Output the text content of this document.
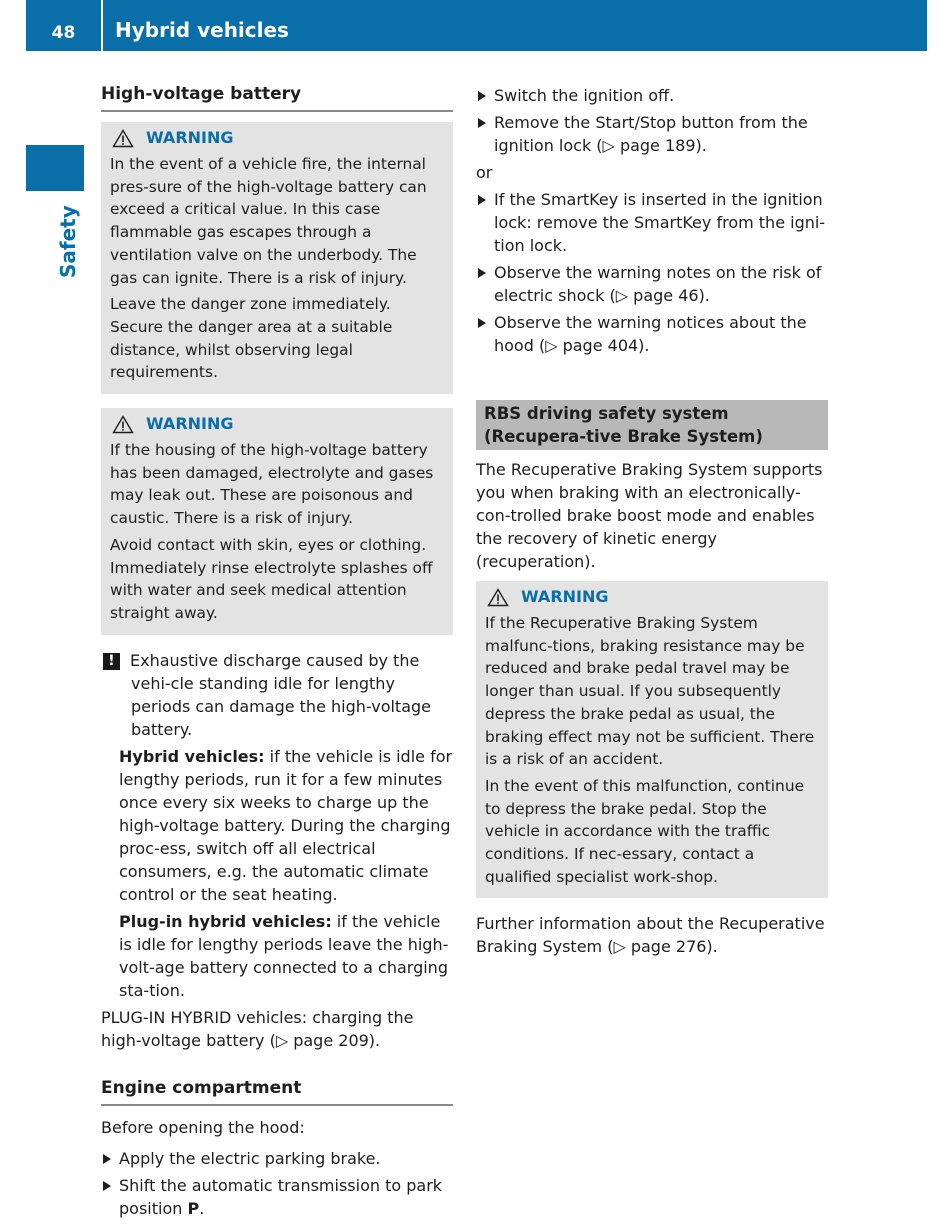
48	Hybrid vehicles
Safety
High-voltage battery
WARNING

In the event of a vehicle fire, the internal pres-sure of the high-voltage battery can exceed a critical value. In this case flammable gas escapes through a ventilation valve on the underbody. The gas can ignite. There is a risk of injury.

Leave the danger zone immediately. Secure the danger area at a suitable distance, whilst observing legal requirements.

WARNING

If the housing of the high-voltage battery has been damaged, electrolyte and gases may leak out. These are poisonous and caustic. There is a risk of injury.

Avoid contact with skin, eyes or clothing. Immediately rinse electrolyte splashes off with water and seek medical attention straight away.

! Exhaustive discharge caused by the vehi-cle standing idle for lengthy periods can damage the high-voltage battery.

Hybrid vehicles: if the vehicle is idle for lengthy periods, run it for a few minutes once every six weeks to charge up the high-voltage battery. During the charging proc-ess, switch off all electrical consumers, e.g. the automatic climate control or the seat heating.

Plug-in hybrid vehicles: if the vehicle is idle for lengthy periods leave the high-volt-age battery connected to a charging sta-tion.

PLUG-IN HYBRID vehicles: charging the high-voltage battery (▷ page 209).

Engine compartment

Before opening the hood:

Apply the electric parking brake.
Shift the automatic transmission to park position P.
Switch the ignition off.
Remove the Start/Stop button from the ignition lock (▷ page 189).

or

If the SmartKey is inserted in the ignition lock: remove the SmartKey from the igni-tion lock.
Observe the warning notes on the risk of electric shock (▷ page 46).
Observe the warning notices about the hood (▷ page 404).
RBS driving safety system (Recupera-tive Brake System)

The Recuperative Braking System supports you when braking with an electronically-con-trolled brake boost mode and enables the recovery of kinetic energy (recuperation).

WARNING

If the Recuperative Braking System malfunc-tions, braking resistance may be reduced and brake pedal travel may be longer than usual. If you subsequently depress the brake pedal as usual, the braking effect may not be sufficient. There is a risk of an accident.

In the event of this malfunction, continue to depress the brake pedal. Stop the vehicle in accordance with the traffic conditions. If nec-essary, contact a qualified specialist work-shop.

Further information about the Recuperative Braking System (▷ page 276).
